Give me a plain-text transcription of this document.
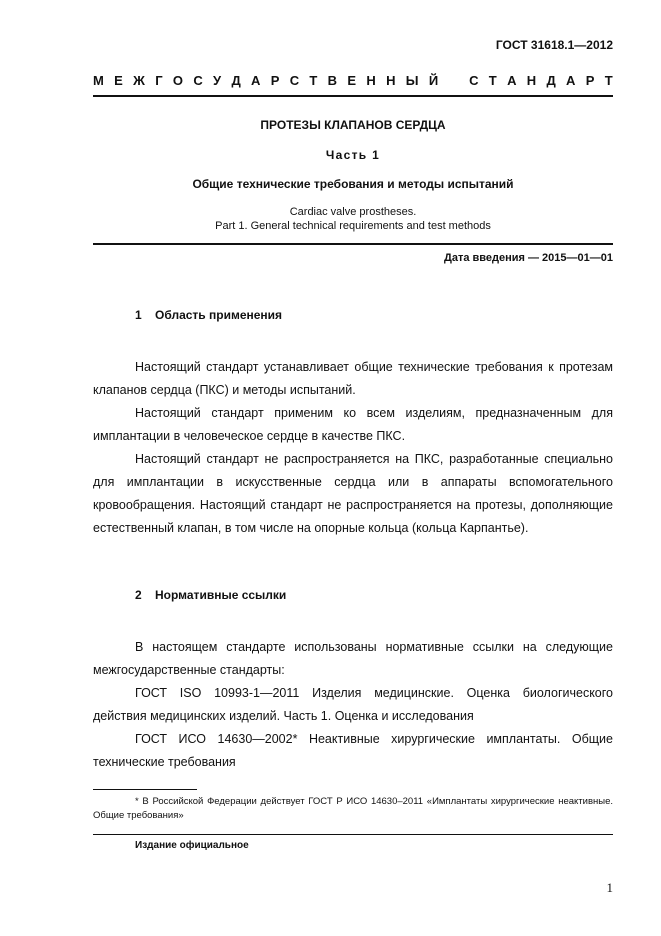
ГОСТ 31618.1—2012
М Е Ж Г О С У Д А Р С Т В Е Н Н Ы Й С Т А Н Д А Р Т
ПРОТЕЗЫ КЛАПАНОВ СЕРДЦА
Часть 1
Общие технические требования и методы испытаний
Cardiac valve prostheses.
Part 1. General technical requirements and test methods
Дата введения — 2015—01—01
1 Область применения

Настоящий стандарт устанавливает общие технические требования к протезам клапанов сердца (ПКС) и методы испытаний.

Настоящий стандарт применим ко всем изделиям, предназначенным для имплантации в человеческое сердце в качестве ПКС.

Настоящий стандарт не распространяется на ПКС, разработанные специально для имплантации в искусственные сердца или в аппараты вспомогательного кровообращения. Настоящий стандарт не распространяется на протезы, дополняющие естественный клапан, в том числе на опорные кольца (кольца Карпантье).

2 Нормативные ссылки

В настоящем стандарте использованы нормативные ссылки на следующие межгосударственные стандарты:

ГОСТ ISO 10993-1—2011 Изделия медицинские. Оценка биологического действия медицинских изделий. Часть 1. Оценка и исследования

ГОСТ ИСО 14630—2002* Неактивные хирургические имплантаты. Общие технические требования

* В Российской Федерации действует ГОСТ Р ИСО 14630–2011 «Имплантаты хирургические неактивные. Общие требования»

Издание официальное
1
